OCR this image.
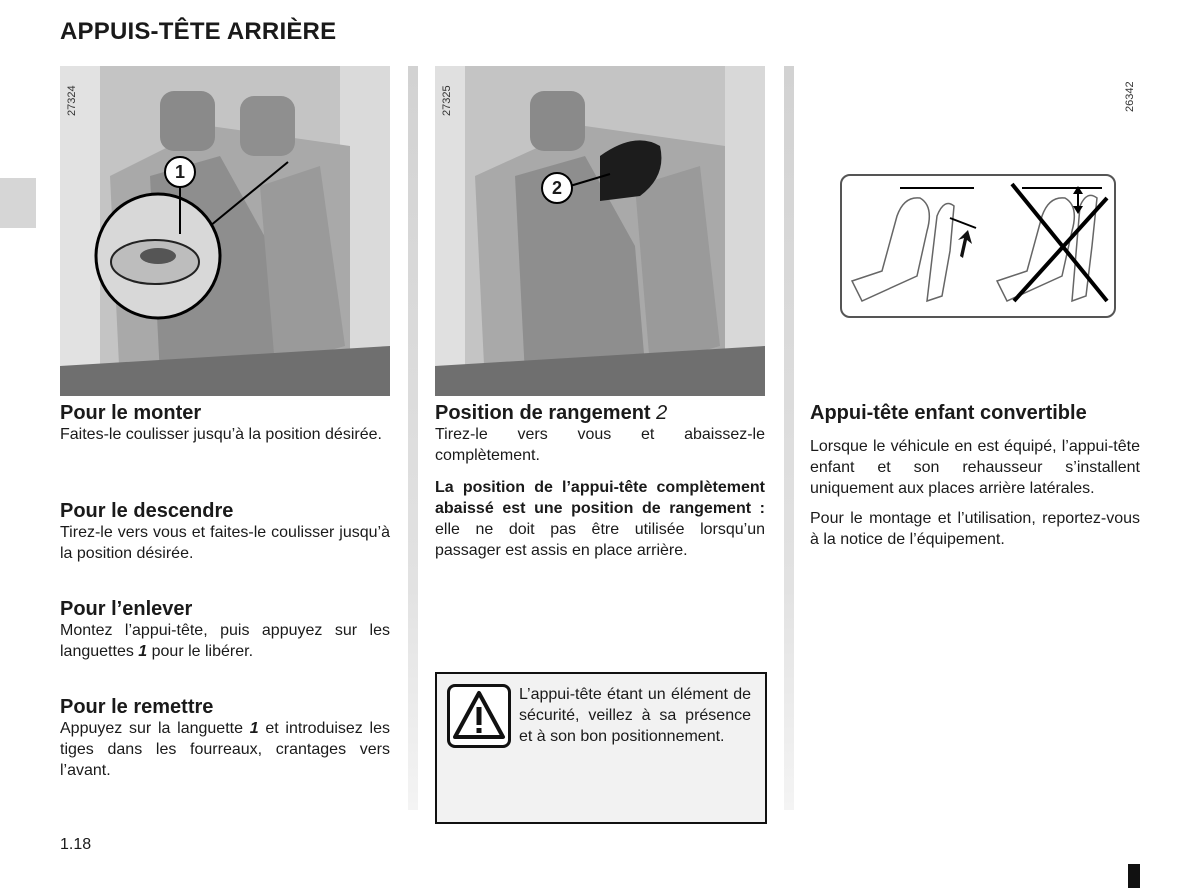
APPUIS-TÊTE ARRIÈRE
1
27324
2
27325	26342
Pour le monter
Faites-le coulisser jusqu’à la position désirée.
Pour le descendre
Tirez-le vers vous et faites-le coulisser jusqu’à la position désirée.
Pour l’enlever
Montez l’appui-tête, puis appuyez sur les languettes 1 pour le libérer.
Pour le remettre
Appuyez sur la languette 1 et introduisez les tiges dans les fourreaux, crantages vers l’avant.
Position de rangement 2
Tirez-le vers vous et abaissez-le complètement.
La position de l’appui-tête complètement abaissé est une position de rangement : elle ne doit pas être utilisée lorsqu’un passager est assis en place arrière.
L’appui-tête étant un élément de sécurité, veillez à sa présence et à son bon positionnement.
Appui-tête enfant convertible
Lorsque le véhicule en est équipé, l’appui-tête enfant et son rehausseur s’installent uniquement aux places arrière latérales.
Pour le montage et l’utilisation, reportez-vous à la notice de l’équipement.
1.18
